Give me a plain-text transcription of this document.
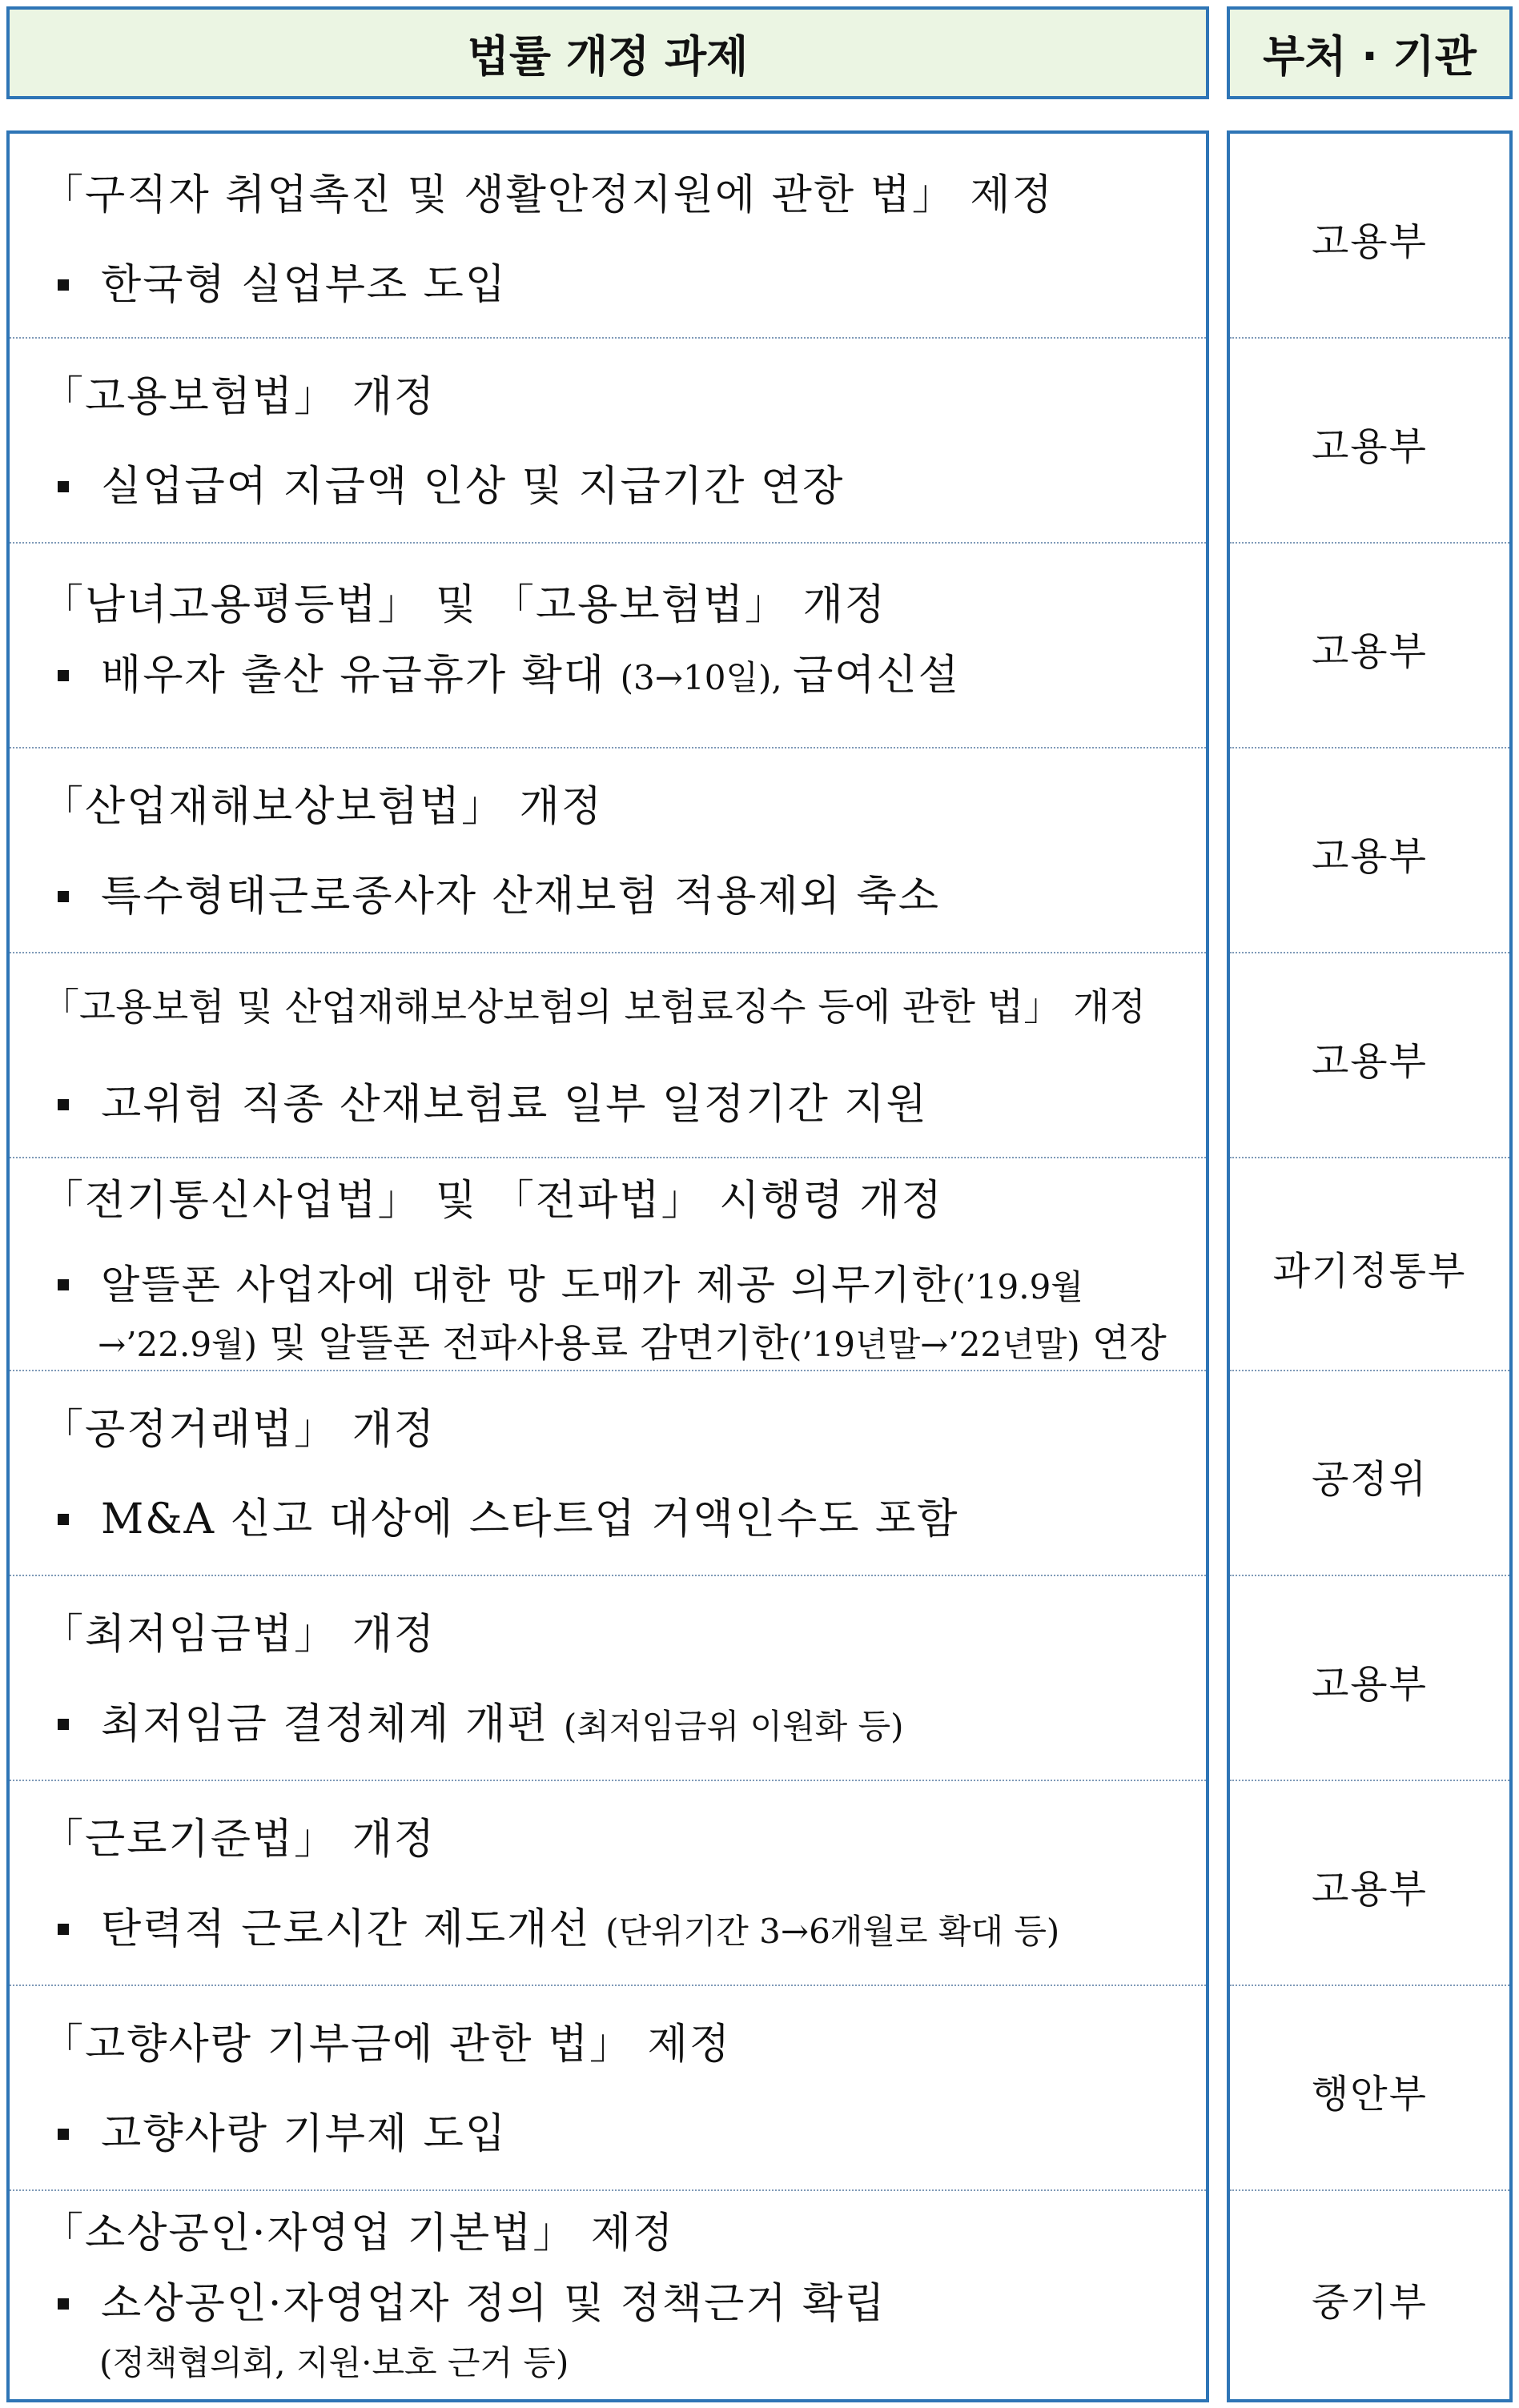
법률 개정 과제	부처 · 기관
「구직자 취업촉진 및 생활안정지원에 관한 법」 제정
한국형 실업부조 도입
「고용보험법」 개정
실업급여 지급액 인상 및 지급기간 연장
「남녀고용평등법」 및 「고용보험법」 개정
배우자 출산 유급휴가 확대 (3→10일), 급여신설
「산업재해보상보험법」 개정
특수형태근로종사자 산재보험 적용제외 축소
「고용보험 및 산업재해보상보험의 보험료징수 등에 관한 법」 개정
고위험 직종 산재보험료 일부 일정기간 지원
「전기통신사업법」 및 「전파법」 시행령 개정
알뜰폰 사업자에 대한 망 도매가 제공 의무기한(’19.9월
→’22.9월) 및 알뜰폰 전파사용료 감면기한(’19년말→’22년말) 연장
「공정거래법」 개정
M&A 신고 대상에 스타트업 거액인수도 포함
「최저임금법」 개정
최저임금 결정체계 개편 (최저임금위 이원화 등)
「근로기준법」 개정
탄력적 근로시간 제도개선 (단위기간 3→6개월로 확대 등)
「고향사랑 기부금에 관한 법」 제정
고향사랑 기부제 도입
「소상공인·자영업 기본법」 제정
소상공인·자영업자 정의 및 정책근거 확립
(정책협의회, 지원·보호 근거 등)
고용부
고용부
고용부
고용부
고용부
과기정통부
공정위
고용부
고용부
행안부
중기부
